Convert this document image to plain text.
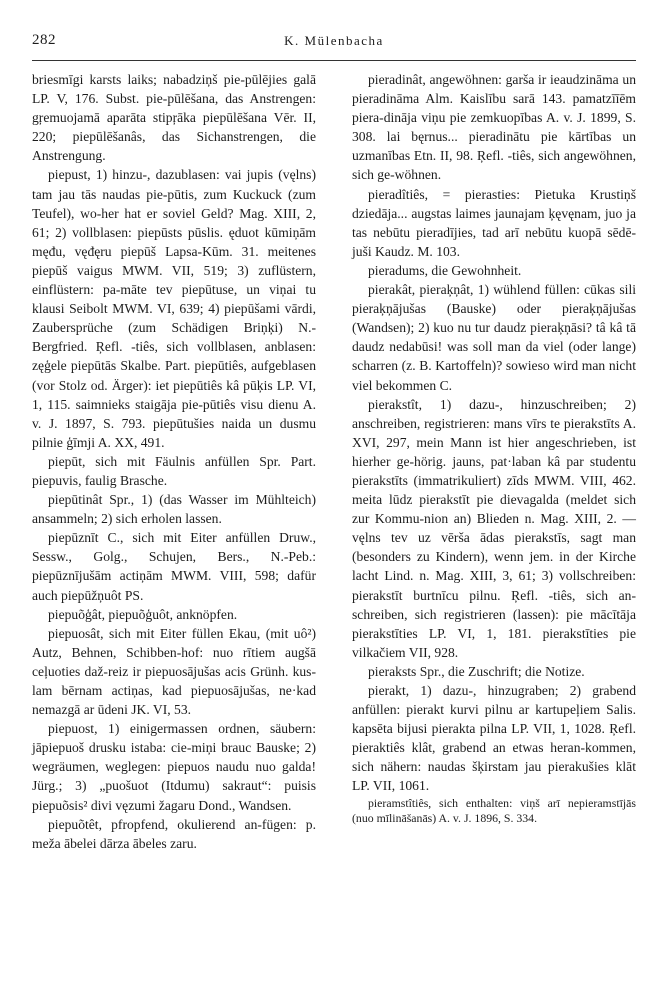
282	K. Mülenbacha

briesmīgi karsts laiks; nabadziņš pie-pūlējies galā LP. V, 176. Subst. pie-pūlēšana, das Anstrengen: gŗemuojamā aparāta stipŗāka piepūlēšana Vēr. II, 220; piepūlēšanâs, das Sichanstrengen, die Anstrengung.

piepust, 1) hinzu-, dazublasen: vai jupis (vęlns) tam jau tās naudas pie-pūtis, zum Kuckuck (zum Teufel), wo-her hat er soviel Geld? Mag. XIII, 2, 61; 2) vollblasen: piepūsts pūslis. ęduot kūmiņām męđu, vęđęru piepūš Lapsa-Kūm. 31. meitenes piepūš vaigus MWM. VII, 519; 3) zuflüstern, einflüstern: pa-māte tev piepūtuse, un viņai tu klausi Seibolt MWM. VI, 639; 4) piepūšami vārdi, Zaubersprüche (zum Schädigen Briņķi) N.-Bergfried. Ŗefl. -tiês, sich vollblasen, anblasen: zęģele piepūtās Skalbe. Part. piepūtiês, aufgeblasen (vor Stolz od. Ärger): iet piepūtiês kâ pūķis LP. VI, 1, 115. saimnieks staigāja pie-pūtiês visu dienu A. v. J. 1897, S. 793. piepūtušies naida un dusmu pilnie ģīmji A. XX, 491.

piepūt, sich mit Fäulnis anfüllen Spr. Part. piepuvis, faulig Brasche.

piepūtinât Spr., 1) (das Wasser im Mühlteich) ansammeln; 2) sich erholen lassen.

piepūznīt C., sich mit Eiter anfüllen Druw., Sessw., Golg., Schujen, Bers., N.-Peb.: piepūznījušām actiņām MWM. VIII, 598; dafür auch piepūžņuôt PS.

piepuõģât, piepuõģuôt, anknöpfen.

piepuosât, sich mit Eiter füllen Ekau, (mit uô²) Autz, Behnen, Schibben-hof: nuo rītiem augšā ceļuoties daž-reiz ir piepuosājušas acis Grünh. kus-lam bērnam actiņas, kad piepuosājušas, ne·kad nemazgā ar ūdeni JK. VI, 53.

piepuost, 1) einigermassen ordnen, säubern: jāpiepuoš drusku istaba: cie-miņi brauc Bauske; 2) wegräumen, weglegen: piepuos naudu nuo galda! Jürg.; 3) „puošuot (Itdumu) sakraut“: puisis piepuõsis² divi vęzumi žagaru Dond., Wandsen.

piepuõtêt, pfropfend, okulierend an-fügen: p. meža ābelei dārza ābeles zaru.

pieradinât, angewöhnen: garša ir ieaudzināma un pieradināma Alm. Kaislību sarā 143. pamatzīīēm piera-dināja viņu pie zemkuopības A. v. J. 1899, S. 308. lai bęrnus... pieradinātu pie kārtības un uzmanības Etn. II, 98. Ŗefl. -tiês, sich angewöhnen, sich ge-wöhnen.

pieradîtiês, = pierasties: Pietuka Krustiņš dziedāja... augstas laimes jaunajam ķęvęnam, juo ja tas nebūtu pieradījies, tad arī nebūtu kuopā sēdē-juši Kaudz. M. 103.

pieradums, die Gewohnheit.

pierakât, pieraķņât, 1) wühlend füllen: cūkas sili pieraķņājušas (Bauske) oder pieraķņājušas (Wandsen); 2) kuo nu tur daudz pieraķņāsi? tâ kâ tā daudz nedabūsi! was soll man da viel (oder lange) scharren (z. B. Kartoffeln)? sowieso wird man nicht viel bekommen C.

pierakstît, 1) dazu-, hinzuschreiben; 2) anschreiben, registrieren: mans vīrs te pierakstīts A. XVI, 297, mein Mann ist hier angeschrieben, ist hierher ge-hörig. jauns, pat·laban kâ par studentu pierakstīts (immatrikuliert) zīds MWM. VIII, 462. meita lūdz pierakstīt pie dievagalda (meldet sich zur Kommu-nion an) Blieden n. Mag. XIII, 2. — vęlns tev uz vērša ādas pierakstīs, sagt man (besonders zu Kindern), wenn jem. in der Kirche lacht Lind. n. Mag. XIII, 3, 61; 3) vollschreiben: pierakstīt burtnīcu pilnu. Ŗefl. -tiês, sich an-schreiben, sich registrieren (lassen): pie mācītāja pierakstīties LP. VI, 1, 181. pierakstīties pie vilkačiem VII, 928.

pieraksts Spr., die Zuschrift; die Notize.

pierakt, 1) dazu-, hinzugraben; 2) grabend anfüllen: pierakt kurvi pilnu ar kartupeļiem Salis. kapsēta bijusi pierakta pilna LP. VII, 1, 1028. Ŗefl. pieraktiês klât, grabend an etwas heran-kommen, sich nähern: naudas šķirstam jau pierakušies klāt LP. VII, 1061.

pieramstîtiês, sich enthalten: viņš arī nepieramstījās (nuo mīlināšanās) A. v. J. 1896, S. 334.
